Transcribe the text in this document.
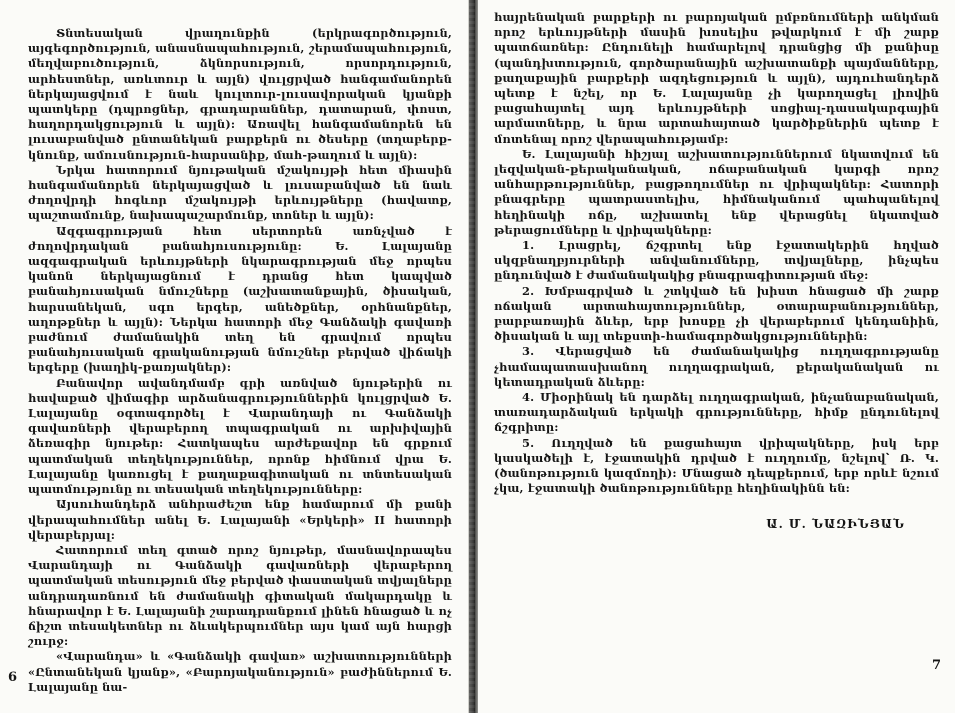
Տնտեսական վրաղունքին (երկրագործություն, այգեգործություն, անասնապահություն, շերամապահություն, մեղվաբուծություն, ձկնորսություն, որսորդություն, արհեստներ, առևտուր և այլն) վուլցրված հանգամանորեն ներկայացվում է նաև կուլտուր-լուսավորական կյանքի պատկերը (դպրոցներ, գրադարաններ, դատարան, փոստ, հաղորդակցություն և այլն): Առավել հանգամանորեն են լուսաբանված ընտանեկան բարքերն ու ծեսերը (տղաբերք-կնունք, ամուսնություն-հարսանիք, մահ-թաղում և այլն):

Նրկա հատորում նյութական մշակույթի հետ միասին հանգամանորեն ներկայացված և լուսաբանված են նաև ժողովրդի հոգևոր մշակույթի երևույթները (հավատք, պաշտամունք, նախապաշարմունք, տոներ և այլն):

Ազգագրության հետ սերտորեն առնչված է ժողովրդական բանահյուսությունը: Ե. Լալայանը ազգագրական երևույթների նկարագրության մեջ որպես կանոն ներկայացնում է դրանց հետ կապված բանահյուսական նմուշները (աշխատանքային, ծիսական, հարսանեկան, սգո երգեր, անեծքներ, օրհնանքներ, աղոթքներ և այլն): Ներկա հատորի մեջ Գանձակի գավառի բաժնում ժամանակին տեղ են գրավում որպես բանահյուսական գրականության նմուշներ բերված վիճակի երգերը (խաղիկ-քառյակներ):

Բանավոր ավանդմամբ գրի առնված նյութերին ու հավաքած վիմագիր արձանագրություններին կուլցրված Ե. Լալայանը օգտագործել է Վարանդայի ու Գանձակի գավառների վերաբերող տպագրական ու արխիվային ձեռագիր նյութեր: Հատկապես արժեքավոր են գրքում պատմական տեղեկություններ, որոնք հիմնում վրա Ե. Լալայանը կառուցել է քաղաքագիտական ու տնտեսական պատմությունը ու տեսական տեղեկությունները:

Այսուհանդերձ անհրաժեշտ ենք համարում մի քանի վերապահումներ անել Ե. Լալայանի «Երկերի» II հատորի վերաբերյալ:

Հատորում տեղ գտած որոշ նյութեր, մասնավորապես Վարանդայի ու Գանձակի գավառների վերաբերող պատմական տեսություն մեջ բերված փաստական տվյալները անդրադառնում են ժամանակի գիտական մակարդակը և հնարավոր է Ե. Լալայանի շարադրանքում լինեն հնացած և ոչ ճիշտ տեսակետներ ու ձևակերպումներ այս կամ այն հարցի շուրջ:

«Վարանդա» և «Գանձակի գավառ» աշխատությունների «Ընտանեկան կյանք», «Բարոյականություն» բաժիններում Ե. Լալայանը նա-

6

հայրենական բարքերի ու բարոյական ըմբռնումների անկման որոշ երևույթների մասին խոսելիս թվարկում է մի շարք պատճառներ: Ընդունելի համարելով դրանցից մի քանիսը (պանդխտություն, գործարանային աշխատանքի պայմանները, քաղաքային բարքերի ազդեցություն և այլն), այդուհանդերձ պետք է նշել, որ Ե. Լալայանը չի կարողացել լիովին բացահայտել այդ երևույթների սոցիալ-դասակարգային արմատները, և նրա արտահայտած կարծիքներին պետք է մոտենալ որոշ վերապահությամբ:

Ե. Լալայանի հիշյալ աշխատություններում նկատվում են լեզվական-քերականական, ոճաբանական կարգի որոշ անհարթություններ, բացթողումներ ու վրիպակներ: Հատորի բնագրերը պատրաստելիս, հիմնականում պահպանելով հեղինակի ոճը, աշխատել ենք վերացնել նկատված թերացումները և վրիպակները:

1. Լրացրել, ճշգրտել ենք էջատակերին հղված սկզբնաղբյուրների անվանումները, տվյալները, ինչպես ընդունված է ժամանակակից բնագրագիտության մեջ:

2. Խմբագրված և շտկված են խիստ հնացած մի շարք ոճական արտահայտություններ, օտարաբանություններ, բարբառային ձևեր, երբ խոսքը չի վերաբերում կենդանիին, ծիսական և այլ տեքստի-համագործակցություններին:

3. Վերացված են ժամանակակից ուղղագրությանը չհամապատասխանող ուղղագրական, քերականական ու կետադրական ձևերը:

4. Միօրինակ են դարձել ուղղագրական, ինչանաբանական, տառադարձական երկակի գրությունները, հիմք ընդունելով ճշգրիտը:

5. Ուղղված են քացահայտ վրիպակները, իսկ երբ կասկածելի է, էջատակին դրված է ուղղումը, նշելով՝ Ռ. Կ. (ծանոթություն կազմողի): Մնացած դեպքերում, երբ որևէ նշում չկա, էջատակի ծանոթությունները հեղինակինն են:

Ա. Մ. ՆԱԶԻՆՅԱՆ
7
